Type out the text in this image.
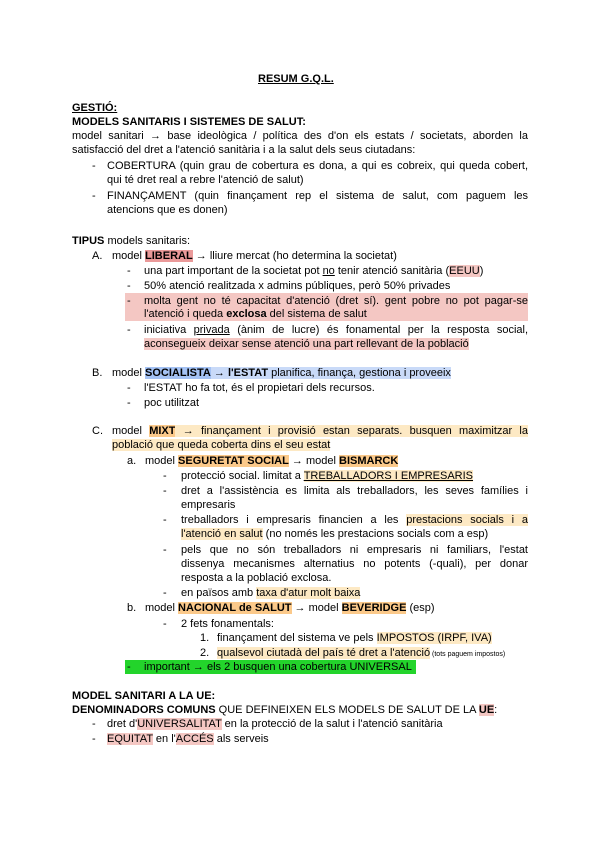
RESUM G.Q.L.
GESTIÓ:
MODELS SANITARIS I SISTEMES DE SALUT:
model sanitari → base ideològica / política des d'on els estats / societats, aborden la
satisfacció del dret a l'atenció sanitària i a la salut dels seus ciutadans:
- COBERTURA (quin grau de cobertura es dona, a qui es cobreix, qui queda cobert,
qui té dret real a rebre l'atenció de salut)
- FINANÇAMENT (quin finançament rep el sistema de salut, com paguem les
atencions que es donen)
TIPUS models sanitaris:
A. model LIBERAL → lliure mercat (ho determina la societat)
- una part important de la societat pot no tenir atenció sanitària (EEUU)
- 50% atenció realitzada x admins públiques, però 50% privades
- molta gent no té capacitat d'atenció (dret sí). gent pobre no pot pagar-se
l'atenció i queda exclosa del sistema de salut
- iniciativa privada (ànim de lucre) és fonamental per la resposta social,
aconsegueix deixar sense atenció una part rellevant de la població
B. model SOCIALISTA → l'ESTAT planifica, finança, gestiona i proveeix
- l'ESTAT ho fa tot, és el propietari dels recursos.
- poc utilitzat
C. model MIXT → finançament i provisió estan separats. busquen maximitzar la
població que queda coberta dins el seu estat
a. model SEGURETAT SOCIAL → model BISMARCK
- protecció social. limitat a TREBALLADORS I EMPRESARIS
- dret a l'assistència es limita als treballadors, les seves famílies i
empresaris
- treballadors i empresaris financien a les prestacions socials i a
l'atenció en salut (no només les prestacions socials com a esp)
- pels que no són treballadors ni empresaris ni familiars, l'estat
dissenya mecanismes alternatius no potents (-quali), per donar
resposta a la població exclosa.
- en països amb taxa d'atur molt baixa
b. model NACIONAL de SALUT → model BEVERIDGE (esp)
- 2 fets fonamentals:
1. finançament del sistema ve pels IMPOSTOS (IRPF, IVA)
2. qualsevol ciutadà del país té dret a l'atenció (tots paguem impostos)
- important → els 2 busquen una cobertura UNIVERSAL
MODEL SANITARI A LA UE:
DENOMINADORS COMUNS QUE DEFINEIXEN ELS MODELS DE SALUT DE LA UE:
- dret d'UNIVERSALITAT en la protecció de la salut i l'atenció sanitària
- EQUITAT en l'ACCÉS als serveis
